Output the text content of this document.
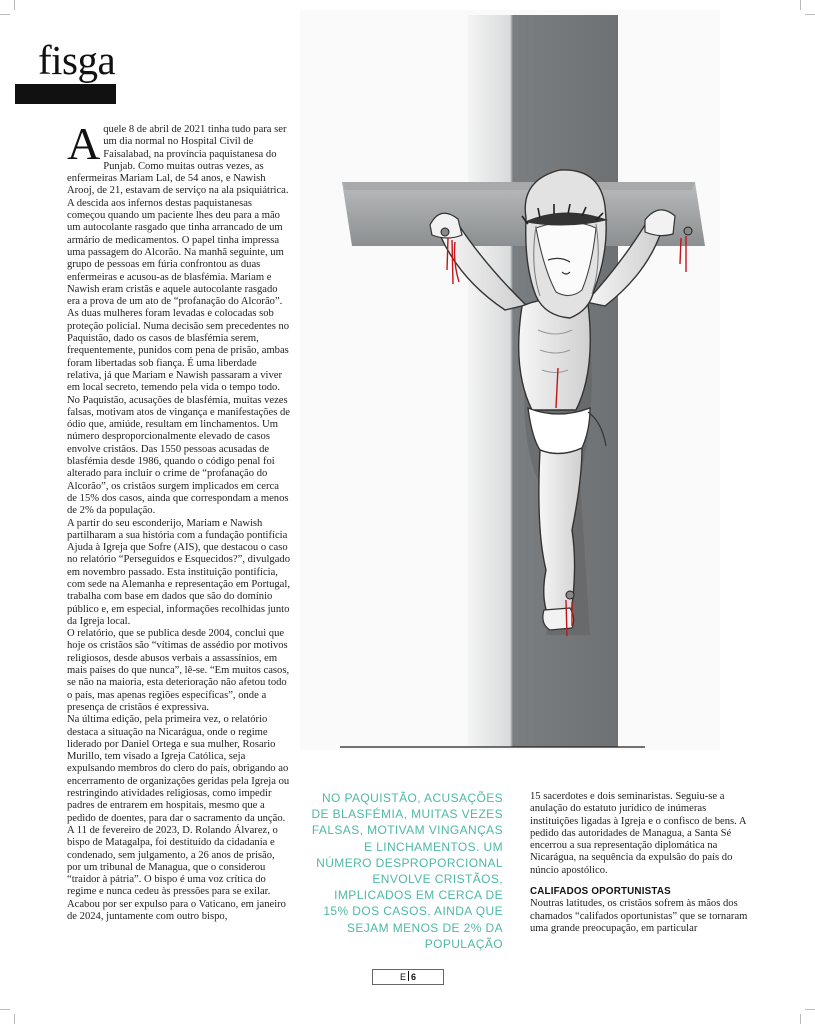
fisga

Aquele 8 de abril de 2021 tinha tudo para ser um dia normal no Hospital Civil de Faisalabad, na província paquistanesa do Punjab. Como muitas outras vezes, as enfermeiras Mariam Lal, de 54 anos, e Nawish Arooj, de 21, estavam de serviço na ala psiquiátrica. A descida aos infernos destas paquistanesas começou quando um paciente lhes deu para a mão um autocolante rasgado que tinha arrancado de um armário de medicamentos. O papel tinha impressa uma passagem do Alcorão. Na manhã seguinte, um grupo de pessoas em fúria confrontou as duas enfermeiras e acusou-as de blasfémia. Mariam e Nawish eram cristãs e aquele autocolante rasgado era a prova de um ato de “profanação do Alcorão”. As duas mulheres foram levadas e colocadas sob proteção policial. Numa decisão sem precedentes no Paquistão, dado os casos de blasfémia serem, frequentemente, punidos com pena de prisão, ambas foram libertadas sob fiança. É uma liberdade relativa, já que Mariam e Nawish passaram a viver em local secreto, temendo pela vida o tempo todo.

No Paquistão, acusações de blasfémia, muitas vezes falsas, motivam atos de vingança e manifestações de ódio que, amiúde, resultam em linchamentos. Um número desproporcionalmente elevado de casos envolve cristãos. Das 1550 pessoas acusadas de blasfémia desde 1986, quando o código penal foi alterado para incluir o crime de “profanação do Alcorão”, os cristãos surgem implicados em cerca de 15% dos casos, ainda que correspondam a menos de 2% da população.

A partir do seu esconderijo, Mariam e Nawish partilharam a sua história com a fundação pontifícia Ajuda à Igreja que Sofre (AIS), que destacou o caso no relatório “Perseguidos e Esquecidos?”, divulgado em novembro passado. Esta instituição pontifícia, com sede na Alemanha e representação em Portugal, trabalha com base em dados que são do domínio público e, em especial, informações recolhidas junto da Igreja local.

O relatório, que se publica desde 2004, conclui que hoje os cristãos são “vítimas de assédio por motivos religiosos, desde abusos verbais a assassínios, em mais países do que nunca”, lê-se. “Em muitos casos, se não na maioria, esta deterioração não afetou todo o país, mas apenas regiões específicas”, onde a presença de cristãos é expressiva.

Na última edição, pela primeira vez, o relatório destaca a situação na Nicarágua, onde o regime liderado por Daniel Ortega e sua mulher, Rosario Murillo, tem visado a Igreja Católica, seja expulsando membros do clero do país, obrigando ao encerramento de organizações geridas pela Igreja ou restringindo atividades religiosas, como impedir padres de entrarem em hospitais, mesmo que a pedido de doentes, para dar o sacramento da unção. A 11 de fevereiro de 2023, D. Rolando Álvarez, o bispo de Matagalpa, foi destituído da cidadania e condenado, sem julgamento, a 26 anos de prisão, por um tribunal de Managua, que o considerou “traidor à pátria”. O bispo é uma voz crítica do regime e nunca cedeu às pressões para se exilar. Acabou por ser expulso para o Vaticano, em janeiro de 2024, juntamente com outro bispo,

NO PAQUISTÃO, ACUSAÇÕES DE BLASFÉMIA, MUITAS VEZES FALSAS, MOTIVAM VINGANÇAS E LINCHAMENTOS. UM NÚMERO DESPROPORCIONAL ENVOLVE CRISTÃOS, IMPLICADOS EM CERCA DE 15% DOS CASOS, AINDA QUE SEJAM MENOS DE 2% DA POPULAÇÃO

15 sacerdotes e dois seminaristas. Seguiu-se a anulação do estatuto jurídico de inúmeras instituições ligadas à Igreja e o confisco de bens. A pedido das autoridades de Managua, a Santa Sé encerrou a sua representação diplomática na Nicarágua, na sequência da expulsão do país do núncio apostólico.

CALIFADOS OPORTUNISTAS

Noutras latitudes, os cristãos sofrem às mãos dos chamados “califados oportunistas” que se tornaram uma grande preocupação, em particular

E 6
